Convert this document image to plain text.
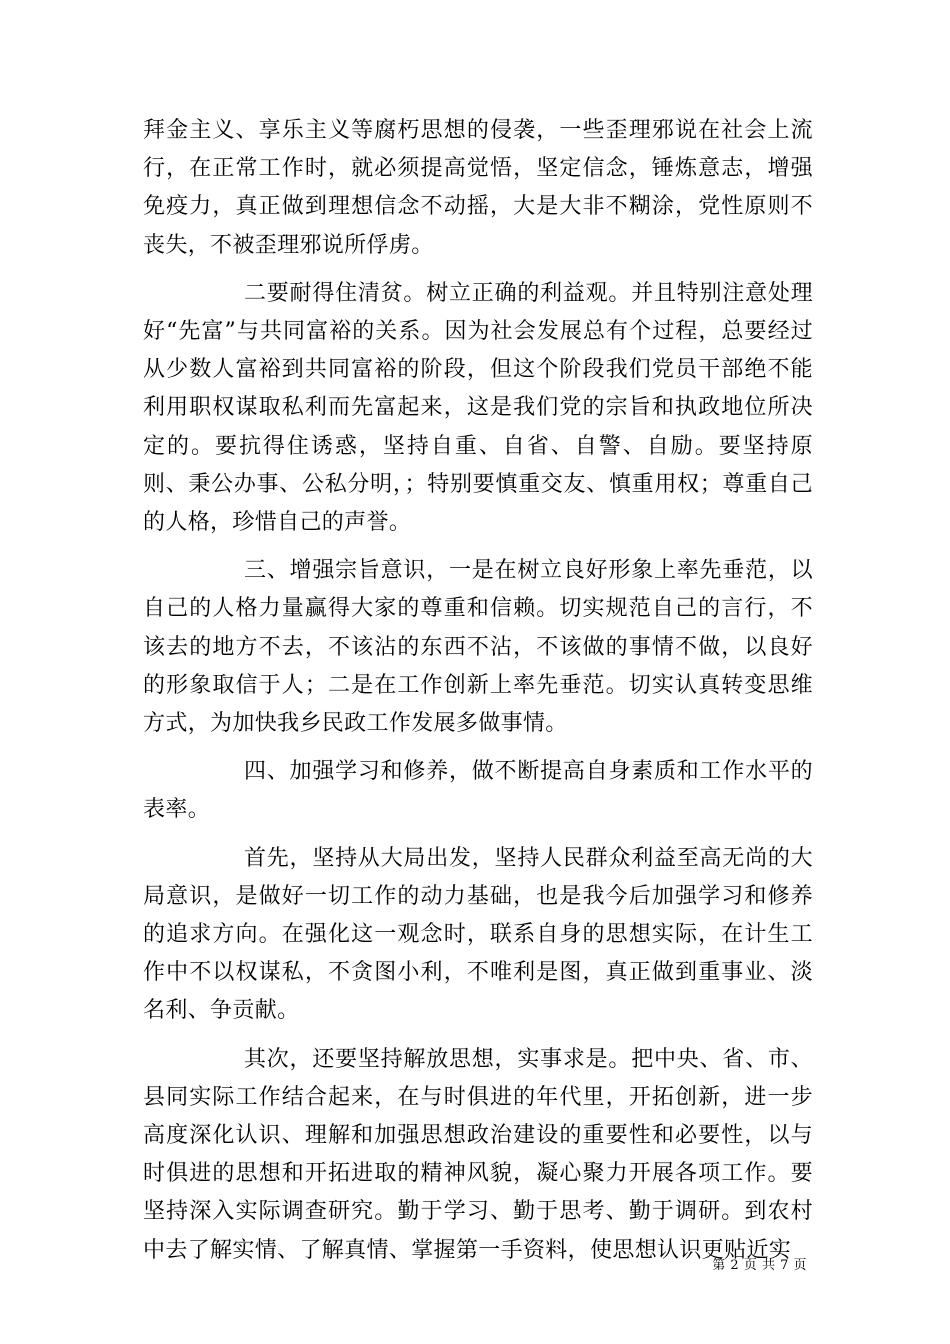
拜金主义、享乐主义等腐朽思想的侵袭，一些歪理邪说在社会上流行，在正常工作时，就必须提高觉悟，坚定信念，锤炼意志，增强免疫力，真正做到理想信念不动摇，大是大非不糊涂，党性原则不丧失，不被歪理邪说所俘虏。

二要耐得住清贫。树立正确的利益观。并且特别注意处理好“先富”与共同富裕的关系。因为社会发展总有个过程，总要经过从少数人富裕到共同富裕的阶段，但这个阶段我们党员干部绝不能利用职权谋取私利而先富起来，这是我们党的宗旨和执政地位所决定的。要抗得住诱惑，坚持自重、自省、自警、自励。要坚持原则、秉公办事、公私分明，；特别要慎重交友、慎重用权；尊重自己的人格，珍惜自己的声誉。

三、增强宗旨意识，一是在树立良好形象上率先垂范，以自己的人格力量赢得大家的尊重和信赖。切实规范自己的言行，不该去的地方不去，不该沾的东西不沾，不该做的事情不做，以良好的形象取信于人；二是在工作创新上率先垂范。切实认真转变思维方式，为加快我乡民政工作发展多做事情。

四、加强学习和修养，做不断提高自身素质和工作水平的表率。

首先，坚持从大局出发，坚持人民群众利益至高无尚的大局意识，是做好一切工作的动力基础，也是我今后加强学习和修养的追求方向。在强化这一观念时，联系自身的思想实际，在计生工作中不以权谋私，不贪图小利，不唯利是图，真正做到重事业、淡名利、争贡献。

其次，还要坚持解放思想，实事求是。把中央、省、市、县同实际工作结合起来，在与时俱进的年代里，开拓创新，进一步高度深化认识、理解和加强思想政治建设的重要性和必要性，以与时俱进的思想和开拓进取的精神风貌，凝心聚力开展各项工作。要坚持深入实际调查研究。勤于学习、勤于思考、勤于调研。到农村中去了解实情、了解真情、掌握第一手资料，使思想认识更贴近实

第 2 页 共 7 页
